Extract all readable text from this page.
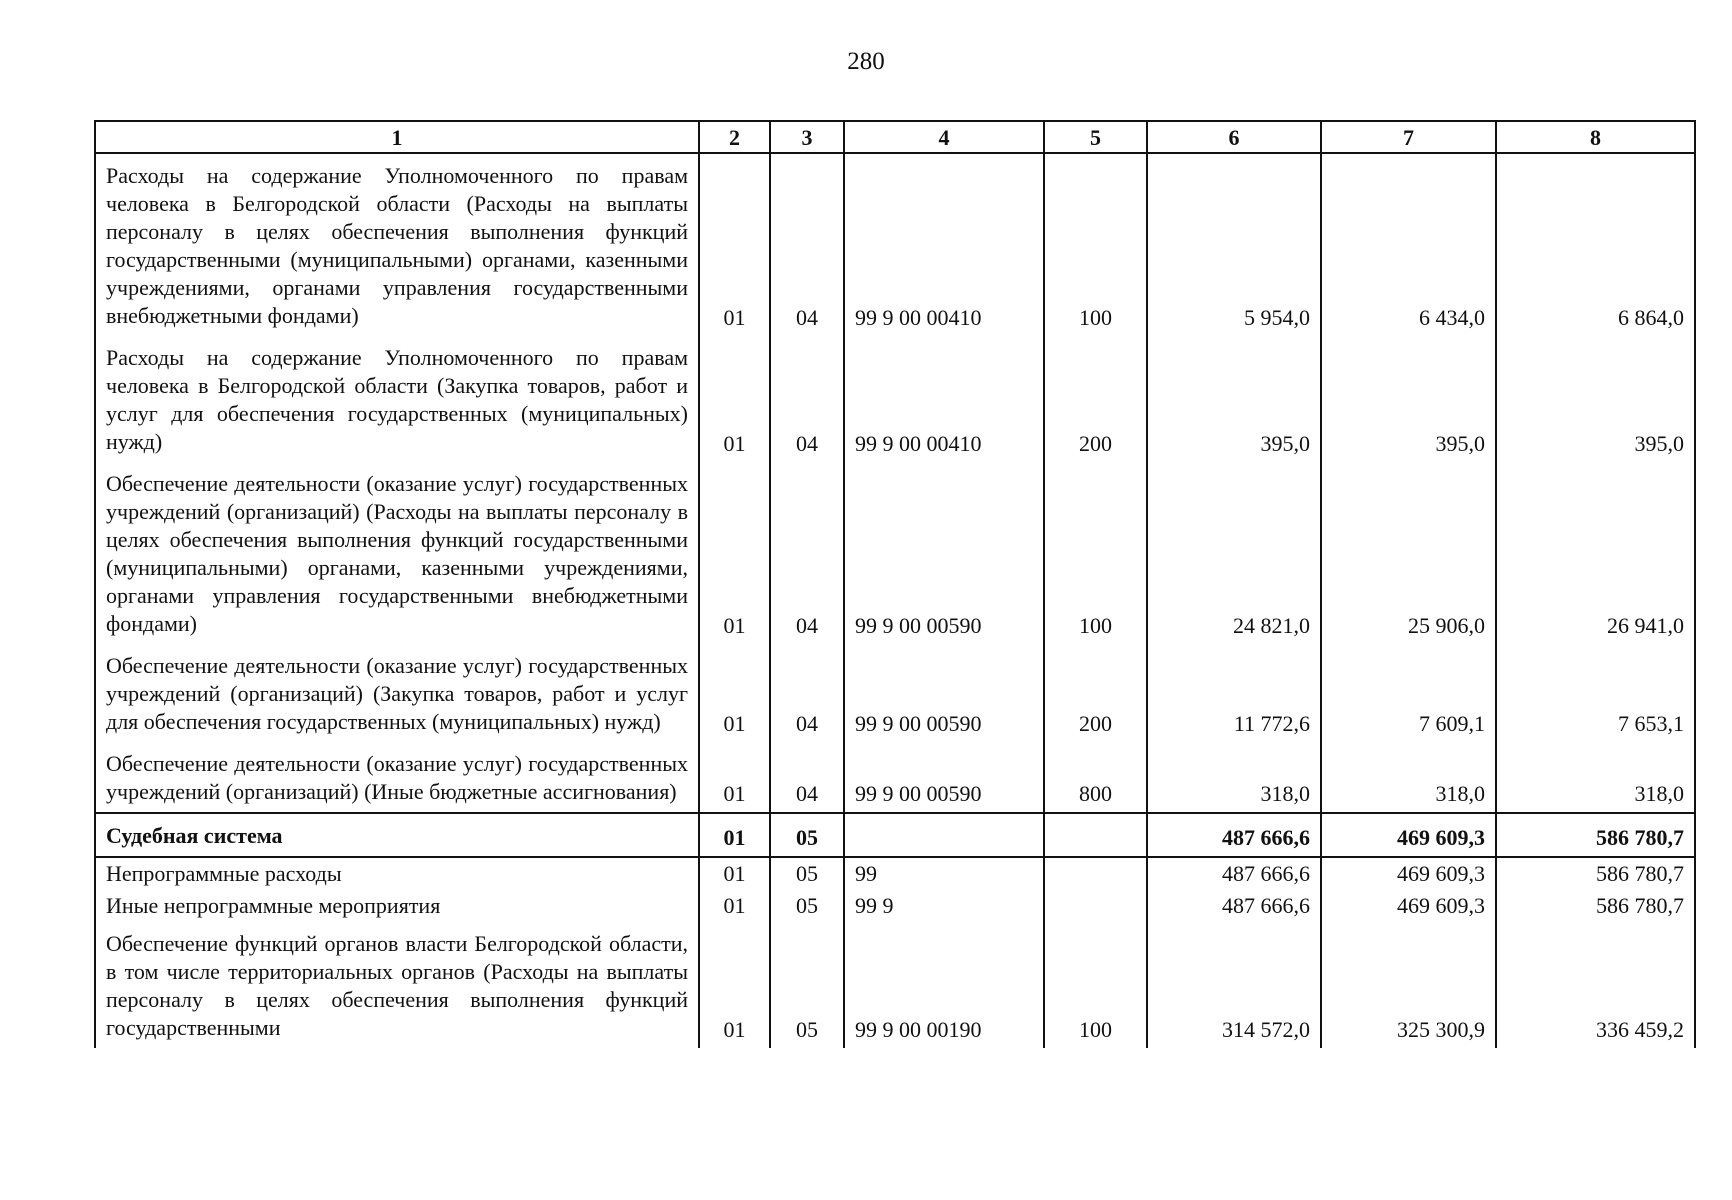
280
1	2	3	4	5	6	7	8
Расходы на содержание Уполномоченного по правам человека в Белгородской области (Расходы на выплаты персоналу в целях обеспечения выполнения функций государственными (муниципальными) органами, казенными учреждениями, органами управления государственными внебюджетными фондами)	01	04	99 9 00 00410	100	5 954,0	6 434,0	6 864,0
Расходы на содержание Уполномоченного по правам человека в Белгородской области (Закупка товаров, работ и услуг для обеспечения государственных (муниципальных) нужд)	01	04	99 9 00 00410	200	395,0	395,0	395,0
Обеспечение деятельности (оказание услуг) государственных учреждений (организаций) (Расходы на выплаты персоналу в целях обеспечения выполнения функций государственными (муниципальными) органами, казенными учреждениями, органами управления государственными внебюджетными фондами)	01	04	99 9 00 00590	100	24 821,0	25 906,0	26 941,0
Обеспечение деятельности (оказание услуг) государственных учреждений (организаций) (Закупка товаров, работ и услуг для обеспечения государственных (муниципальных) нужд)	01	04	99 9 00 00590	200	11 772,6	7 609,1	7 653,1
Обеспечение деятельности (оказание услуг) государственных учреждений (организаций) (Иные бюджетные ассигнования)	01	04	99 9 00 00590	800	318,0	318,0	318,0
Судебная система	01	05			487 666,6	469 609,3	586 780,7
Непрограммные расходы	01	05	99		487 666,6	469 609,3	586 780,7
Иные непрограммные мероприятия	01	05	99 9		487 666,6	469 609,3	586 780,7
Обеспечение функций органов власти Белгородской области, в том числе территориальных органов (Расходы на выплаты персоналу в целях обеспечения выполнения функций государственными	01	05	99 9 00 00190	100	314 572,0	325 300,9	336 459,2
